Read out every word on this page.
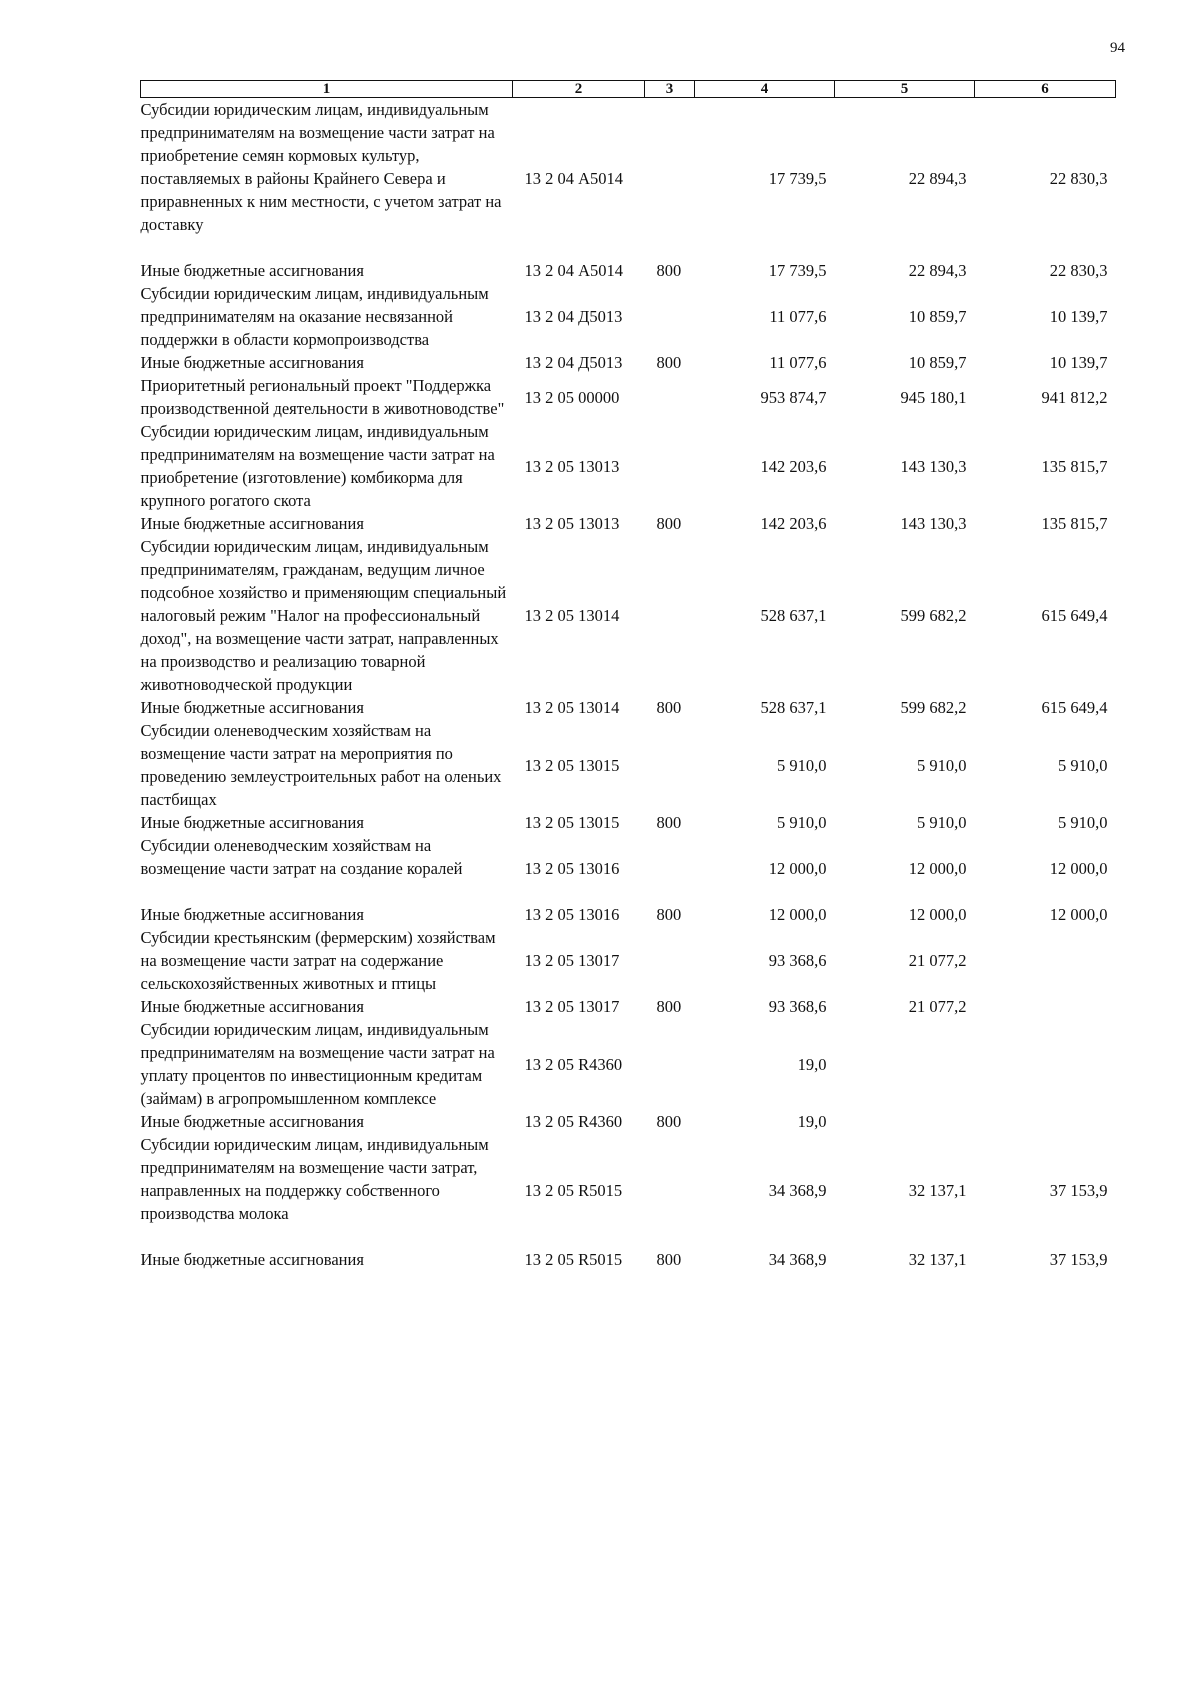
94
1	2	3	4	5	6
Субсидии юридическим лицам, индивидуальным предпринимателям на возмещение части затрат на приобретение семян кормовых культур, поставляемых в районы Крайнего Севера и приравненных к ним местности, с учетом затрат на доставку	13 2 04 А5014		17 739,5	22 894,3	22 830,3
Иные бюджетные ассигнования	13 2 04 А5014	800	17 739,5	22 894,3	22 830,3
Субсидии юридическим лицам, индивидуальным предпринимателям на оказание несвязанной поддержки в области кормопроизводства	13 2 04 Д5013		11 077,6	10 859,7	10 139,7
Иные бюджетные ассигнования	13 2 04 Д5013	800	11 077,6	10 859,7	10 139,7
Приоритетный региональный проект "Поддержка производственной деятельности в животноводстве"	13 2 05 00000		953 874,7	945 180,1	941 812,2
Субсидии юридическим лицам, индивидуальным предпринимателям на возмещение части затрат на приобретение (изготовление) комбикорма для крупного рогатого скота	13 2 05 13013		142 203,6	143 130,3	135 815,7
Иные бюджетные ассигнования	13 2 05 13013	800	142 203,6	143 130,3	135 815,7
Субсидии юридическим лицам, индивидуальным предпринимателям, гражданам, ведущим личное подсобное хозяйство и применяющим специальный налоговый режим "Налог на профессиональный доход", на возмещение части затрат, направленных на производство и реализацию товарной животноводческой продукции	13 2 05 13014		528 637,1	599 682,2	615 649,4
Иные бюджетные ассигнования	13 2 05 13014	800	528 637,1	599 682,2	615 649,4
Субсидии оленеводческим хозяйствам на возмещение части затрат на мероприятия по проведению землеустроительных работ на оленьих пастбищах	13 2 05 13015		5 910,0	5 910,0	5 910,0
Иные бюджетные ассигнования	13 2 05 13015	800	5 910,0	5 910,0	5 910,0
Субсидии оленеводческим хозяйствам на возмещение части затрат на создание коралей	13 2 05 13016		12 000,0	12 000,0	12 000,0
Иные бюджетные ассигнования	13 2 05 13016	800	12 000,0	12 000,0	12 000,0
Субсидии крестьянским (фермерским) хозяйствам на возмещение части затрат на содержание сельскохозяйственных животных и птицы	13 2 05 13017		93 368,6	21 077,2	
Иные бюджетные ассигнования	13 2 05 13017	800	93 368,6	21 077,2	
Субсидии юридическим лицам, индивидуальным предпринимателям на возмещение части затрат на уплату процентов по инвестиционным кредитам (займам) в агропромышленном комплексе	13 2 05 R4360		19,0		
Иные бюджетные ассигнования	13 2 05 R4360	800	19,0		
Субсидии юридическим лицам, индивидуальным предпринимателям на возмещение части затрат, направленных на поддержку собственного производства молока	13 2 05 R5015		34 368,9	32 137,1	37 153,9
Иные бюджетные ассигнования	13 2 05 R5015	800	34 368,9	32 137,1	37 153,9
